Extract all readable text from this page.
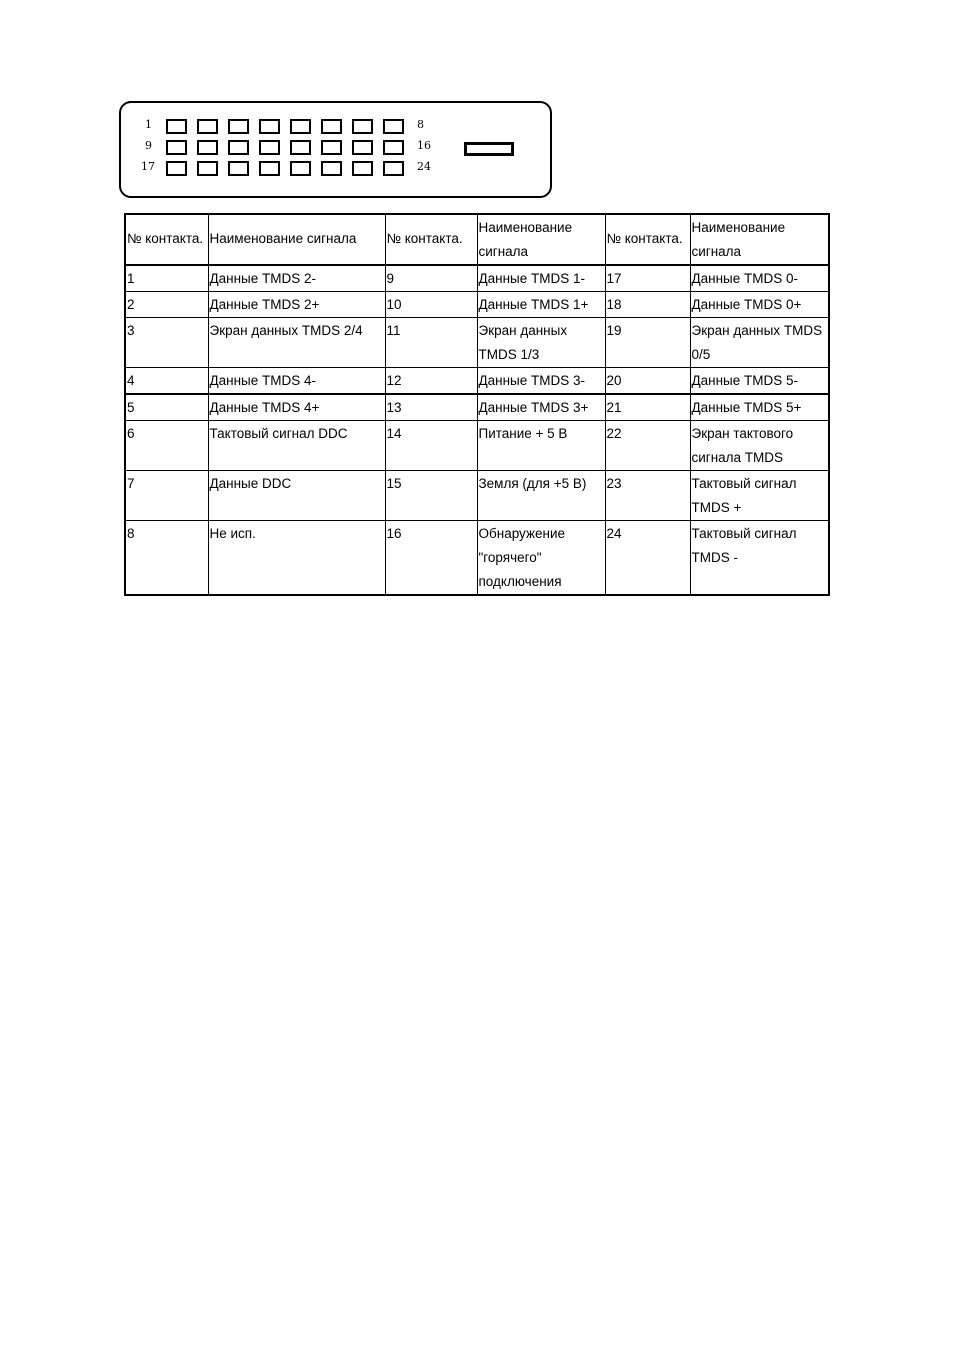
1
9
17
8
16
24
№ контакта.	Наименование сигнала	№ контакта.	Наименование сигнала	№ контакта.	Наименование сигнала
1	Данные TMDS 2-	9	Данные TMDS 1-	17	Данные TMDS 0-
2	Данные TMDS 2+	10	Данные TMDS 1+	18	Данные TMDS 0+
3	Экран данных TMDS 2/4	11	Экран данных TMDS 1/3	19	Экран данных TMDS 0/5
4	Данные TMDS 4-	12	Данные TMDS 3-	20	Данные TMDS 5-
5	Данные TMDS 4+	13	Данные TMDS 3+	21	Данные TMDS 5+
6	Тактовый сигнал DDC	14	Питание + 5 В	22	Экран тактового сигнала TMDS
7	Данные DDC	15	Земля (для +5 В)	23	Тактовый сигнал TMDS +
8	Не исп.	16	Обнаружение "горячего" подключения	24	Тактовый сигнал TMDS -
